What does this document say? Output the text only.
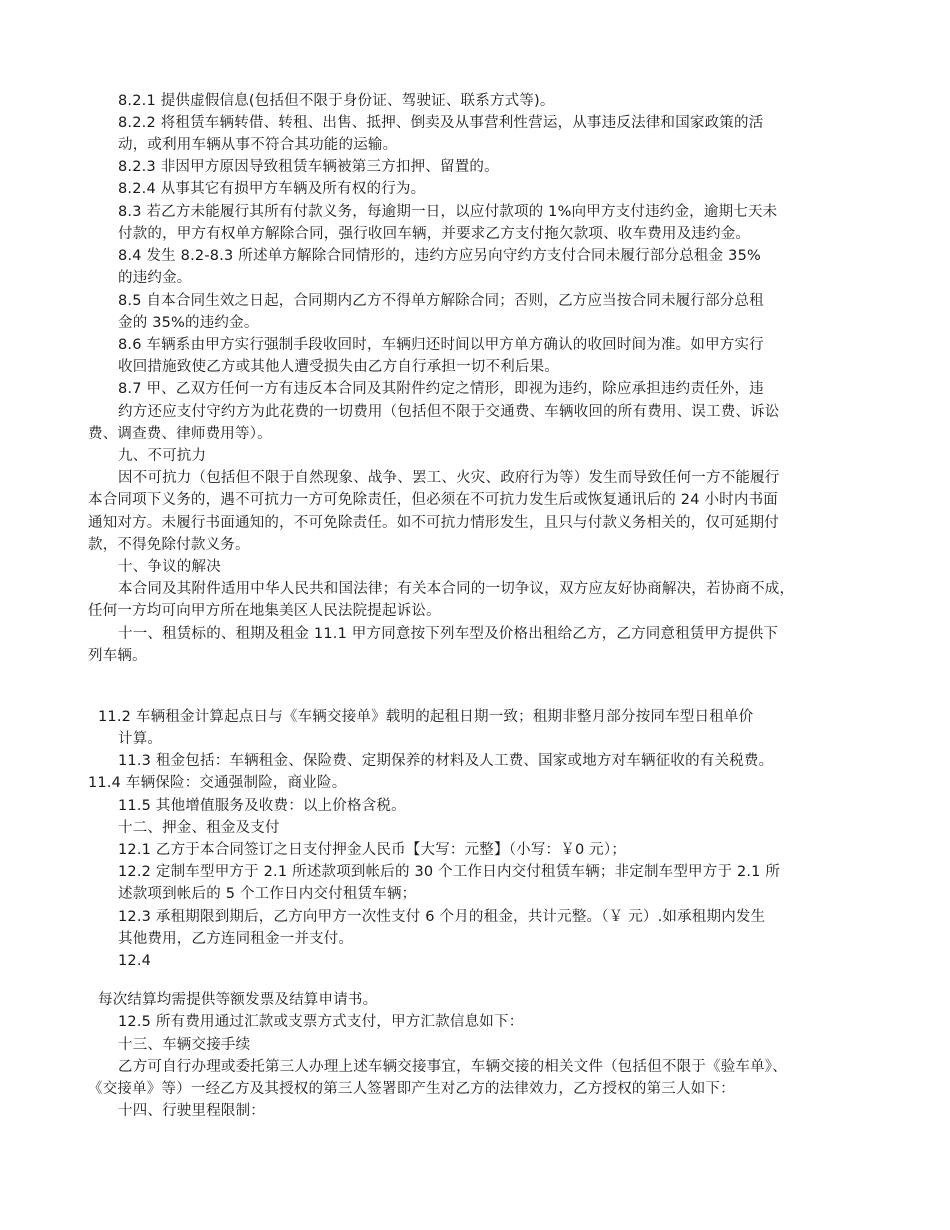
8.2.1 提供虚假信息(包括但不限于身份证、驾驶证、联系方式等)。
8.2.2 将租赁车辆转借、转租、出售、抵押、倒卖及从事营利性营运，从事违反法律和国家政策的活
动，或利用车辆从事不符合其功能的运输。
8.2.3 非因甲方原因导致租赁车辆被第三方扣押、留置的。
8.2.4 从事其它有损甲方车辆及所有权的行为。
8.3 若乙方未能履行其所有付款义务，每逾期一日，以应付款项的 1%向甲方支付违约金，逾期七天未
付款的，甲方有权单方解除合同，强行收回车辆，并要求乙方支付拖欠款项、收车费用及违约金。
8.4 发生 8.2-8.3 所述单方解除合同情形的，违约方应另向守约方支付合同未履行部分总租金 35%
的违约金。
8.5 自本合同生效之日起，合同期内乙方不得单方解除合同；否则，乙方应当按合同未履行部分总租
金的 35%的违约金。
8.6 车辆系由甲方实行强制手段收回时，车辆归还时间以甲方单方确认的收回时间为准。如甲方实行
收回措施致使乙方或其他人遭受损失由乙方自行承担一切不利后果。
8.7 甲、乙双方任何一方有违反本合同及其附件约定之情形，即视为违约，除应承担违约责任外，违
约方还应支付守约方为此花费的一切费用（包括但不限于交通费、车辆收回的所有费用、误工费、诉讼
费、调查费、律师费用等）。
九、不可抗力
因不可抗力（包括但不限于自然现象、战争、罢工、火灾、政府行为等）发生而导致任何一方不能履行
本合同项下义务的，遇不可抗力一方可免除责任，但必须在不可抗力发生后或恢复通讯后的 24 小时内书面
通知对方。未履行书面通知的，不可免除责任。如不可抗力情形发生，且只与付款义务相关的，仅可延期付
款，不得免除付款义务。
十、争议的解决
本合同及其附件适用中华人民共和国法律；有关本合同的一切争议，双方应友好协商解决，若协商不成，
任何一方均可向甲方所在地集美区人民法院提起诉讼。
十一、租赁标的、租期及租金 11.1 甲方同意按下列车型及价格出租给乙方，乙方同意租赁甲方提供下
列车辆。
11.2 车辆租金计算起点日与《车辆交接单》载明的起租日期一致；租期非整月部分按同车型日租单价
计算。
11.3 租金包括：车辆租金、保险费、定期保养的材料及人工费、国家或地方对车辆征收的有关税费。
11.4 车辆保险：交通强制险，商业险。
11.5 其他增值服务及收费：以上价格含税。
十二、押金、租金及支付
12.1 乙方于本合同签订之日支付押金人民币【大写：元整】（小写：￥0 元）；
12.2 定制车型甲方于 2.1 所述款项到帐后的 30 个工作日内交付租赁车辆；非定制车型甲方于 2.1 所
述款项到帐后的 5 个工作日内交付租赁车辆；
12.3 承租期限到期后，乙方向甲方一次性支付 6 个月的租金，共计元整。（￥ 元）.如承租期内发生
其他费用，乙方连同租金一并支付。
12.4
每次结算均需提供等额发票及结算申请书。
12.5 所有费用通过汇款或支票方式支付，甲方汇款信息如下：
十三、车辆交接手续
乙方可自行办理或委托第三人办理上述车辆交接事宜，车辆交接的相关文件（包括但不限于《验车单》、
《交接单》等）一经乙方及其授权的第三人签署即产生对乙方的法律效力，乙方授权的第三人如下：
十四、行驶里程限制：
